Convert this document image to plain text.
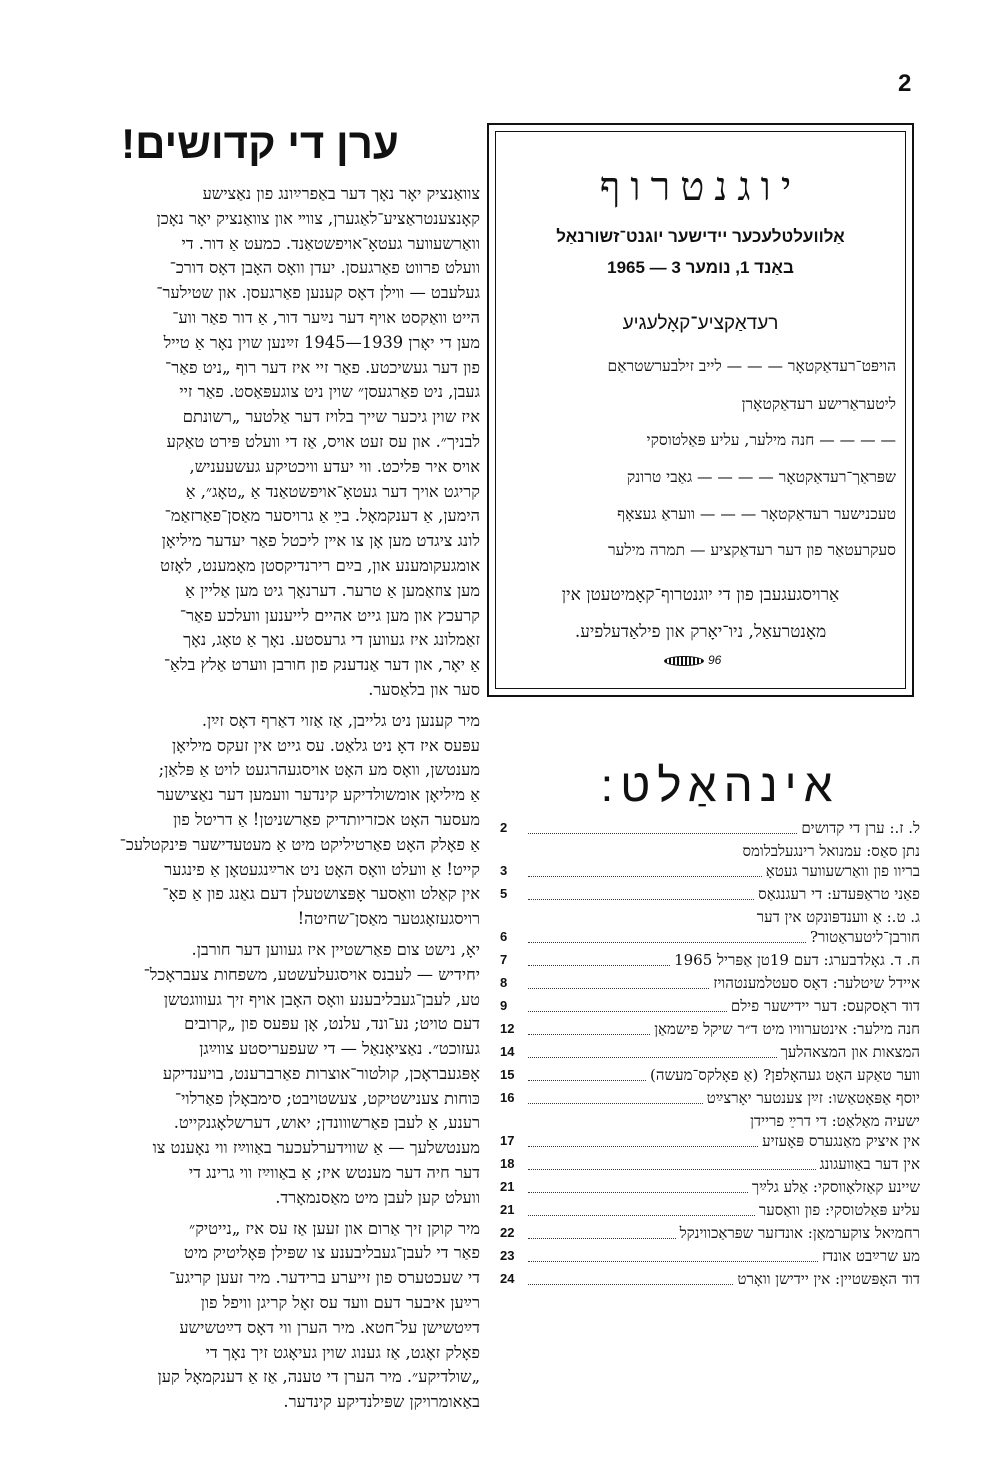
2
ערן די קדושים!
צוואַנציק יאָר נאָך דער באַפרײַונג פון נאַצישע
קאָנצענטראַציע־לאַגערן, צווײ און צוואַנציק יאָר נאָכן
וואַרשעווער געטאָ־אויפשטאַנד. כמעט אַ דור. די
וועלט פרווט פאַרגעסן. יעדן וואָס האָבן דאָס דורכ־
געלעבט — ווילן דאָס קענען פאַרגעסן. און שטילער־
הייט וואַקסט אויף דער נײַער דור, אַ דור פאַר ווע־
מען די יאָרן 1939—1945 זײַנען שוין נאָר אַ טייל
פון דער געשיכטע. פאַר זיי איז דער רוף „ניט פאַר־
געבן, ניט פאַרגעסן״ שוין ניט צוגעפּאַסט. פאַר זיי
איז שוין גיכער שייך בלויז דער אַלטער „רשונתם
לבניך״. און עס זעט אויס, אַז די וועלט פּירט טאַקע
אויס איר פּליכט. ווי יעדע וויכטיקע געשעעניש,
קריגט אויך דער געטאָ־אויפשטאַנד אַ „טאָג״, אַ
הימען, אַ דענקמאָל. בײַ אַ גרויסער מאַסן־פאַרזאַמ־
לונג ציגדט מען אָן צו אײן ליכטל פאַר יעדער מיליאָן
אומגעקומענע און, בײַם רירנדיקסטן מאָמענט, לאָזט
מען צוזאַמען אַ טרער. דערנאָך גיט מען אַליין אַ
קרעכץ און מען גייט אהיים לייענען וועלכע פאַר־
זאַמלונג איז געווען די גרעסטע. נאָך אַ טאָג, נאָך
אַ יאָר, און דער אַנדענק פון חורבן ווערט אַלץ בלאַ־
סער און בלאַסער.
מיר קענען ניט גלייבן, אַז אַזוי דאַרף דאָס זײַן.
עפּעס איז דאָ ניט גלאַט. עס גייט אין זעקס מיליאָן
מענטשן, וואָס מע האָט אויסגעהרגעט לויט אַ פּלאַן;
אַ מיליאָן אומשולדיקע קינדער וועמען דער נאַצישער
מעסער האָט אכזריותדיק פאַרשניטן! אַ דריטל פון
אַ פאָלק האָט פאַרטיליקט מיט אַ מעטעדישער פּינקטלעכ־
קייט! אַ וועלט וואָס האָט ניט ארײַנגעטאָן אַ פינגער
אין קאַלט וואַסער אָפּצושטעלן דעם גאַנג פון אַ פאָ־
רויסגעזאָגטער מאַסן־שחיטה!
יאָ, נישט צום פאַרשטיין איז געווען דער חורבן.
יחידיש — לעבנס אויסגעלעשטע, משפחות צעבראָכל־
טע, לעבן־געבליבענע וואָס האָבן אויף זיך געוווגטשן
דעם טויט; נע־ונד, עלנט, אָן עפּעס פון „קרובים
געזוכט״. נאַציאָנאַל — די שעפעריסטע צווײַגן
אָפּגעבראָכן, קולטור־אוצרות פאַרברענט, בויענדיקע
כּוחות צענישטיקט, צעשטויבט; סימבאָלן פאַרלוי־
רענע, אַ לעבן פאַרשווונדן; יאוש, דערשלאָגנקייט.
מענטשלעך — אַ שווידערלעכער באַווײַז ווי נאָענט צו
דער חיה דער מענטש איז; אַ באַווײַז ווי גרינג די
וועלט קען לעבן מיט מאַסנמאָרד.
מיר קוקן זיך אַרום און זעען אַז עס איז „נייטיק״
פאַר די לעבן־געבליבענע צו שפּילן פּאָליטיק מיט
די שעכטערס פון זייערע ברידער. מיר זעען קריגע־
רײַען איבער דעם וועד עס זאָל קריגן וויפל פון
דײַטשישן על־חטא. מיר הערן ווי דאָס דײַטשישע
פאָלק זאָגט, אַז גענוג שוין געיאָגט זיך נאָך די
„שולדיקע״. מיר הערן די טענה, אַז אַ דענקמאָל קען
באַאומרויקן שפּילנדיקע קינדער.
יוגנטרוף
אַלוועלטלעכער יידישער יוגנט־זשורנאַל
באַנד 1, נומער 3 — 1965
רעדאַקציע־קאָלעגיע
הויפּט־רעדאַקטאָר — — — לייב זילבערשטראַם
ליטעראַרישע רעדאַקטאָרן
— — — — חנה מילער, עליע פּאַלטוסקי
שפּראַך־רעדאַקטאָר — — — — גאַבי טרונק
טעכנישער רעדאַקטאָר — — — וועראַ געצאָף
סעקרעטאַר פון דער רעדאַקציע — תמרה מילער
אַרויסגעגעבן פון די יוגנטרוף־קאָמיטעטן אין
מאָנטרעאַל, ניו־יאָרק און פילאַדעלפיע.
96
אינהאַלט:
2	ל. ז.: ערן די קדושים
נתן סאַס: עמנואל רינגעלבלומס
3	בריוו פון וואַרשעווער געטאָ
5	פאַני טראַפּעדע: די רעגנגאַס
ג. ט.: אַ ווענדפּונקט אין דער
6	חורבן־ליטעראַטור?
7	ח. ד. גאָלדבערג: דעם 19טן אַפּריל 1965
8	איידל שיטלער: דאָס סעטלמענטהויז
9	דוד ראָסקעס: דער יידישער פילם
12	חנה מילער: אינטערוויו מיט ד״ר שיקל פישמאַן
14	המצאות און המצאהלעך
15	ווער טאַקע האָט געהאָלפן? (אַ פאָלקס־מעשה)
16	יוסף אַפּאָטאַשו: זײַן צענטער יאָרצײַט
ישעיה מאַלאַט: די דרײַ פריידן
17	אין איציק מאַנגערס פּאָעזיע
18	אין דער באַוועגונג
21	שיינע קאַזלאָווסקי: אַלע גלײַך
21	עליע פּאַלטוסקי: פון וואַסער
22	רחמיאל צוקערמאַן: אונדזער שפּראַכווינקל
23	מע שרײַבט אונדז
24	דוד האָפּשטיין: אין יידישן וואָרט
